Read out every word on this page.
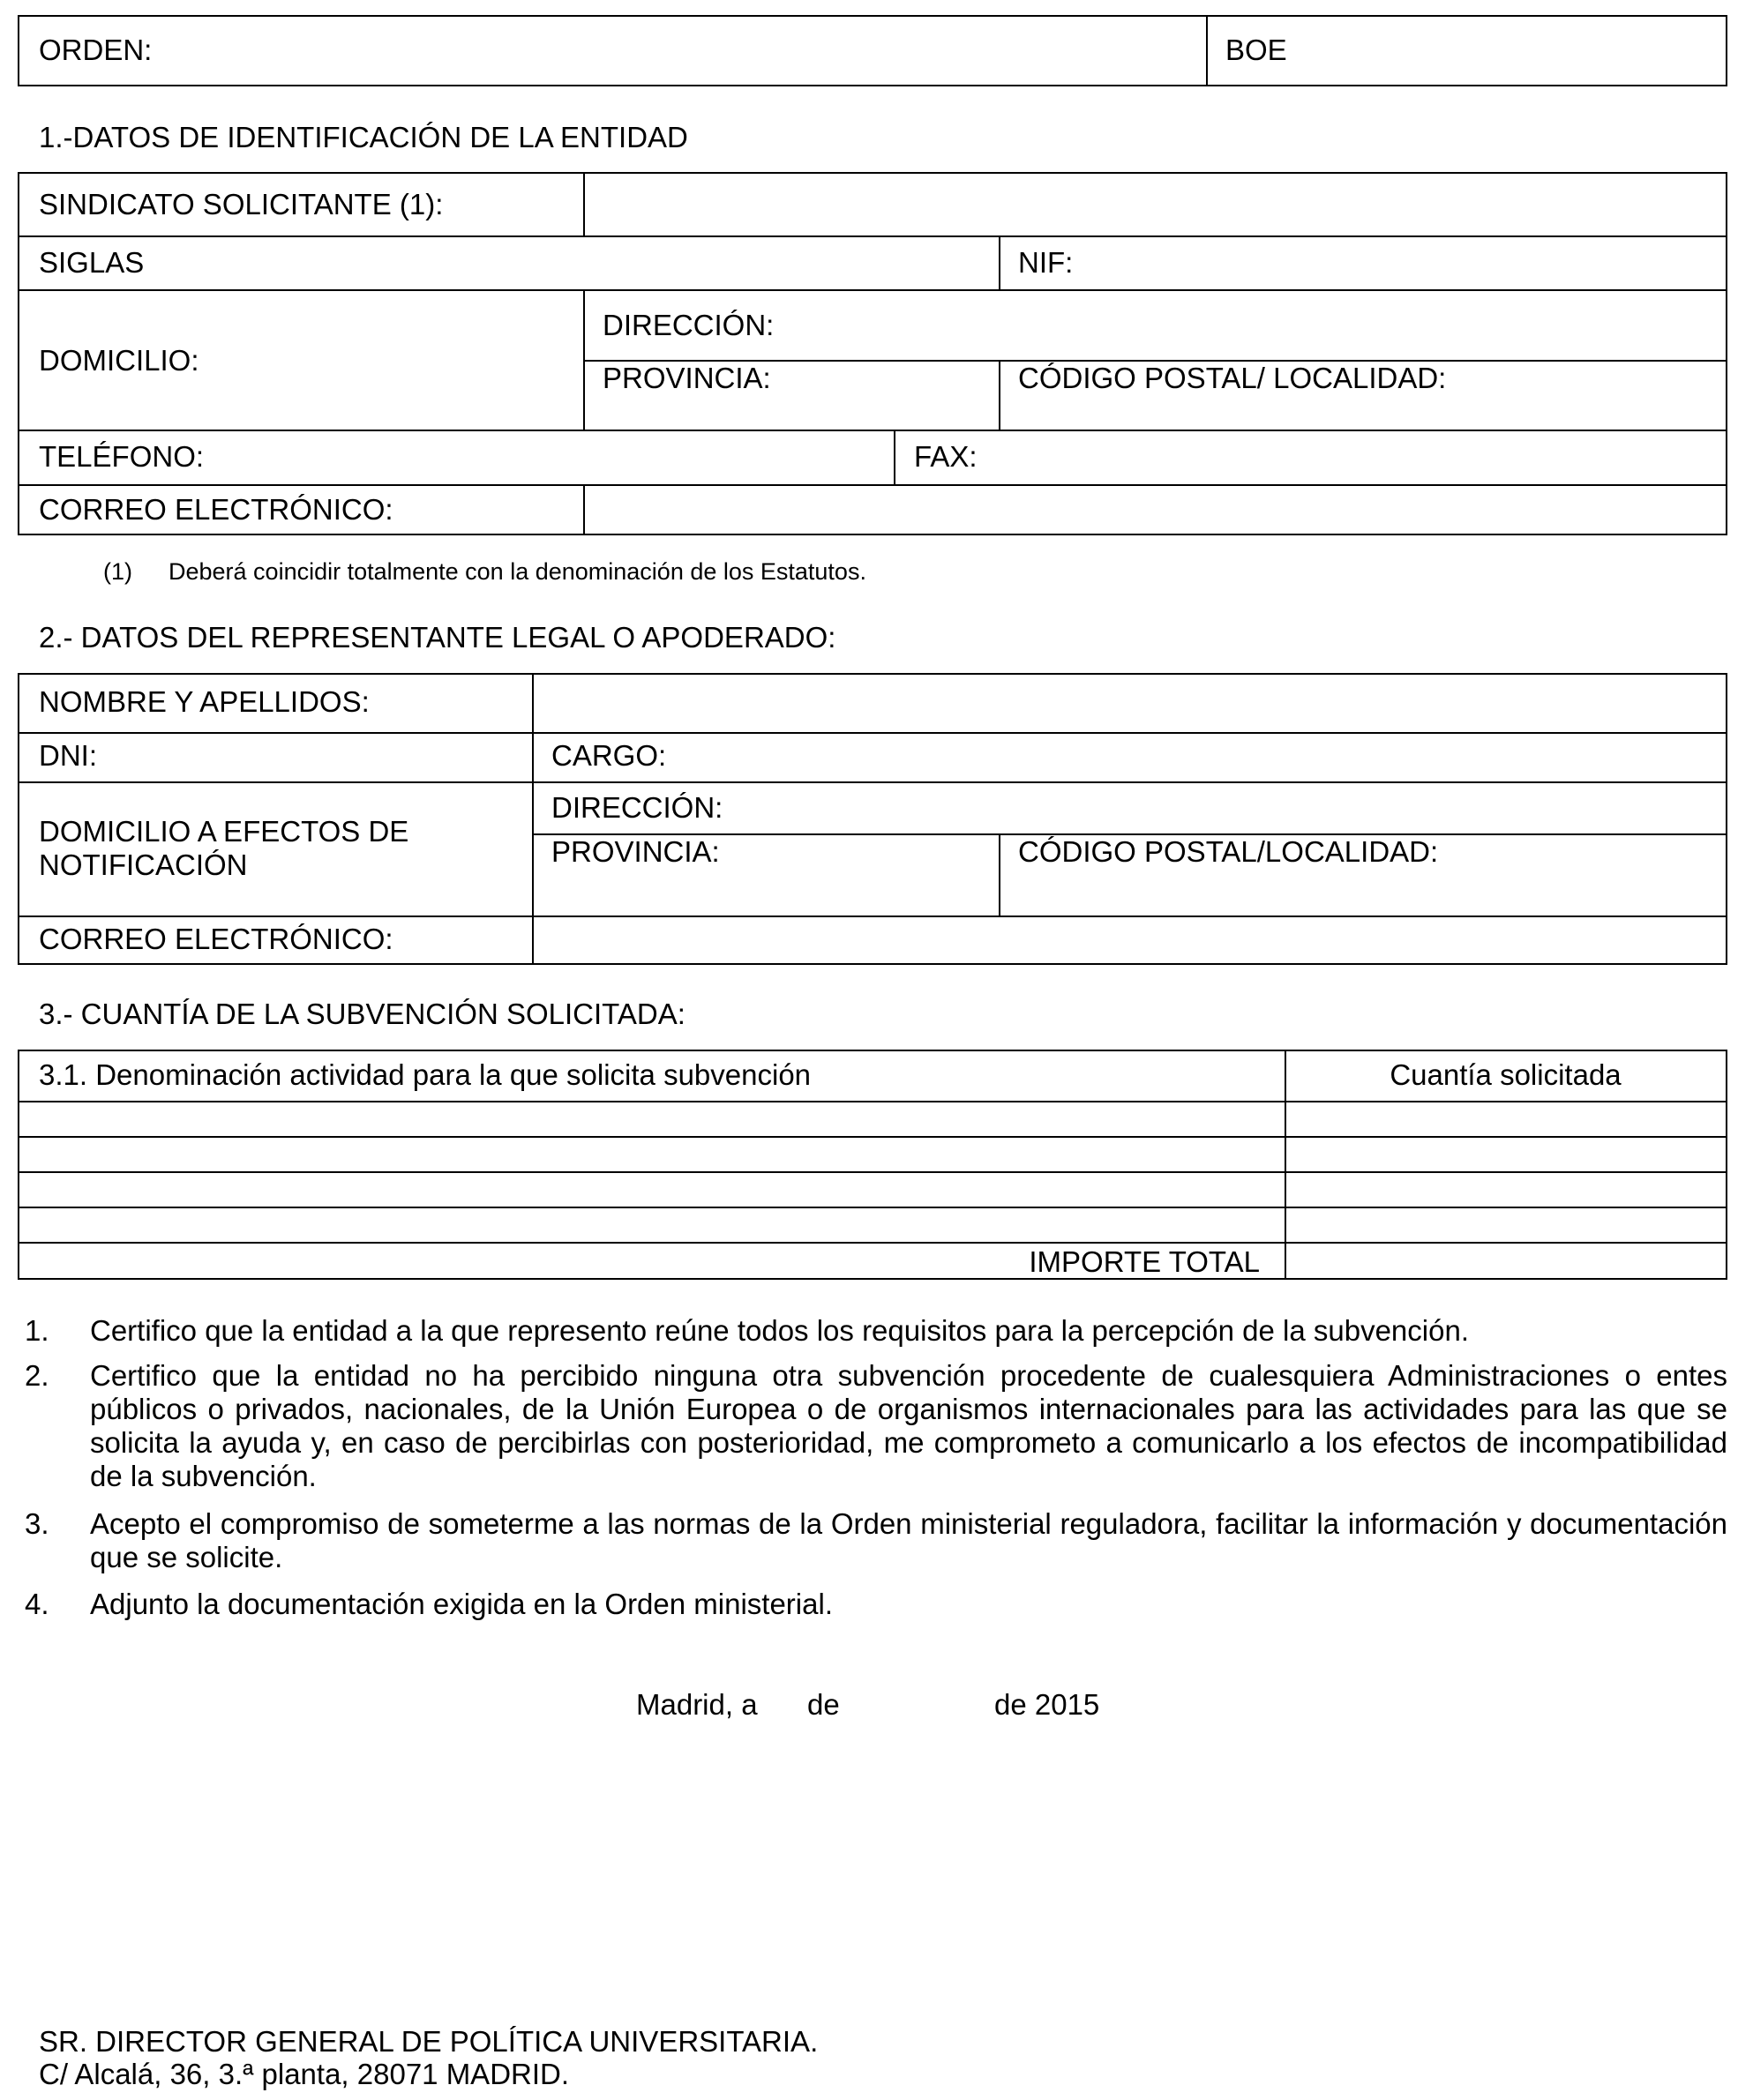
ORDEN:	BOE
1.-DATOS DE IDENTIFICACIÓN DE LA ENTIDAD
SINDICATO SOLICITANTE (1):
SIGLAS	NIF:
DOMICILIO:
DIRECCIÓN:
PROVINCIA:	CÓDIGO POSTAL/ LOCALIDAD:
TELÉFONO:	FAX:
CORREO ELECTRÓNICO:
(1) Deberá coincidir totalmente con la denominación de los Estatutos.
2.- DATOS DEL REPRESENTANTE LEGAL O APODERADO:
NOMBRE Y APELLIDOS:
DNI:	CARGO:
DOMICILIO A EFECTOS DE
NOTIFICACIÓN
DIRECCIÓN:
PROVINCIA:	CÓDIGO POSTAL/LOCALIDAD:
CORREO ELECTRÓNICO:
3.- CUANTÍA DE LA SUBVENCIÓN SOLICITADA:
3.1. Denominación actividad para la que solicita subvención	Cuantía solicitada
IMPORTE TOTAL
1. Certifico que la entidad a la que represento reúne todos los requisitos para la percepción de la subvención.
2. Certifico que la entidad no ha percibido ninguna otra subvención procedente de cualesquiera Administraciones o entes públicos o privados, nacionales, de la Unión Europea o de organismos internacionales para las actividades para las que se solicita la ayuda y, en caso de percibirlas con posterioridad, me comprometo a comunicarlo a los efectos de incompatibilidad de la subvención.
3. Acepto el compromiso de someterme a las normas de la Orden ministerial reguladora, facilitar la información y documentación que se solicite.
4. Adjunto la documentación exigida en la Orden ministerial.
Madrid, a de	de 2015
SR. DIRECTOR GENERAL DE POLÍTICA UNIVERSITARIA.
C/ Alcalá, 36, 3.ª planta, 28071 MADRID.
